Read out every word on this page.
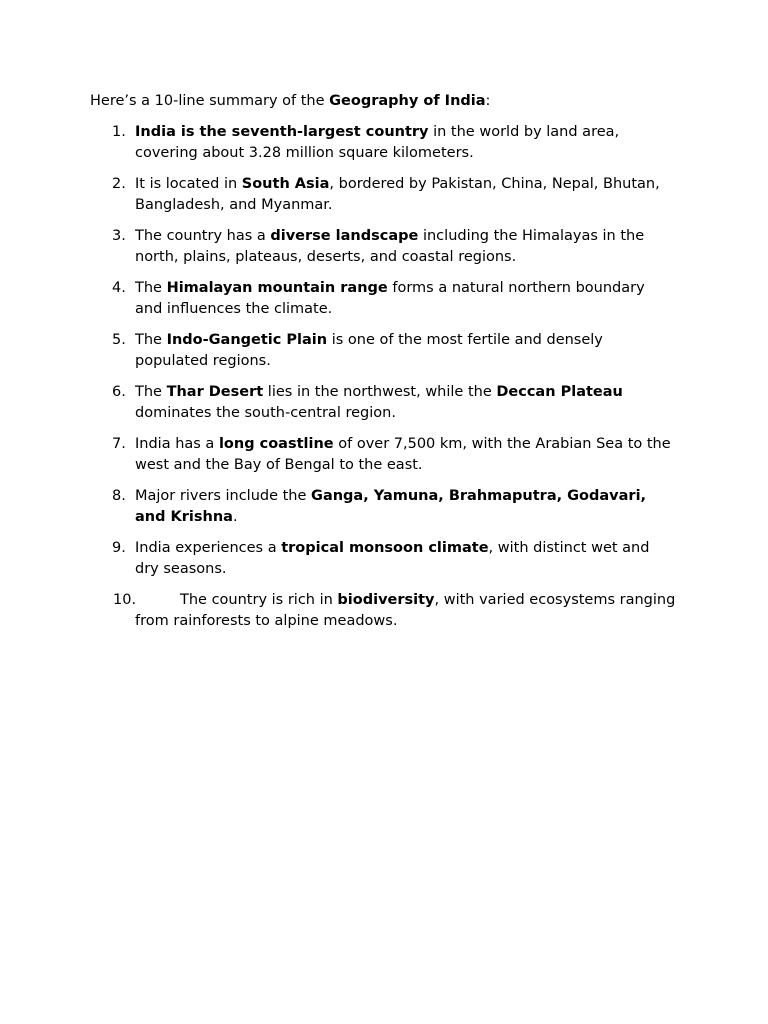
Here’s a 10-line summary of the Geography of India:

1. India is the seventh-largest country in the world by land area, covering about 3.28 million square kilometers.
2. It is located in South Asia, bordered by Pakistan, China, Nepal, Bhutan, Bangladesh, and Myanmar.
3. The country has a diverse landscape including the Himalayas in the north, plains, plateaus, deserts, and coastal regions.
4. The Himalayan mountain range forms a natural northern boundary and influences the climate.
5. The Indo-Gangetic Plain is one of the most fertile and densely populated regions.
6. The Thar Desert lies in the northwest, while the Deccan Plateau dominates the south-central region.
7. India has a long coastline of over 7,500 km, with the Arabian Sea to the west and the Bay of Bengal to the east.
8. Major rivers include the Ganga, Yamuna, Brahmaputra, Godavari, and Krishna.
9. India experiences a tropical monsoon climate, with distinct wet and dry seasons.
10.	The country is rich in biodiversity, with varied ecosystems ranging from rainforests to alpine meadows.
